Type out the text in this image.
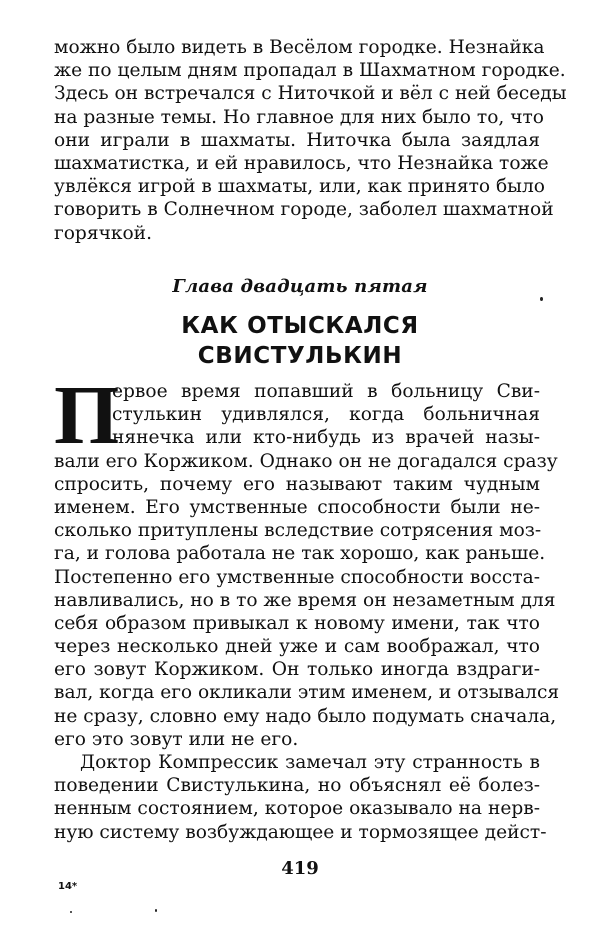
можно было видеть в Весёлом городке. Незнайка
же по целым дням пропадал в Шахматном городке.
Здесь он встречался с Ниточкой и вёл с ней беседы
на разные темы. Но главное для них было то, что
они играли в шахматы. Ниточка была заядлая
шахматистка, и ей нравилось, что Незнайка тоже
увлёкся игрой в шахматы, или, как принято было
говорить в Солнечном городе, заболел шахматной
горячкой.
Глава двадцать пятая
КАК ОТЫСКАЛСЯ
СВИСТУЛЬКИН
П
ервое время попавший в больницу Сви-
стулькин удивлялся, когда больничная
нянечка или кто-нибудь из врачей назы-
вали его Коржиком. Однако он не догадался сразу
спросить, почему его называют таким чудным
именем. Его умственные способности были не-
сколько притуплены вследствие сотрясения моз-
га, и голова работала не так хорошо, как раньше.
Постепенно его умственные способности восста-
навливались, но в то же время он незаметным для
себя образом привыкал к новому имени, так что
через несколько дней уже и сам воображал, что
его зовут Коржиком. Он только иногда вздраги-
вал, когда его окликали этим именем, и отзывался
не сразу, словно ему надо было подумать сначала,
его это зовут или не его.
Доктор Компрессик замечал эту странность в
поведении Свистулькина, но объяснял её болез-
ненным состоянием, которое оказывало на нерв-
ную систему возбуждающее и тормозящее дейст-
419
14*
